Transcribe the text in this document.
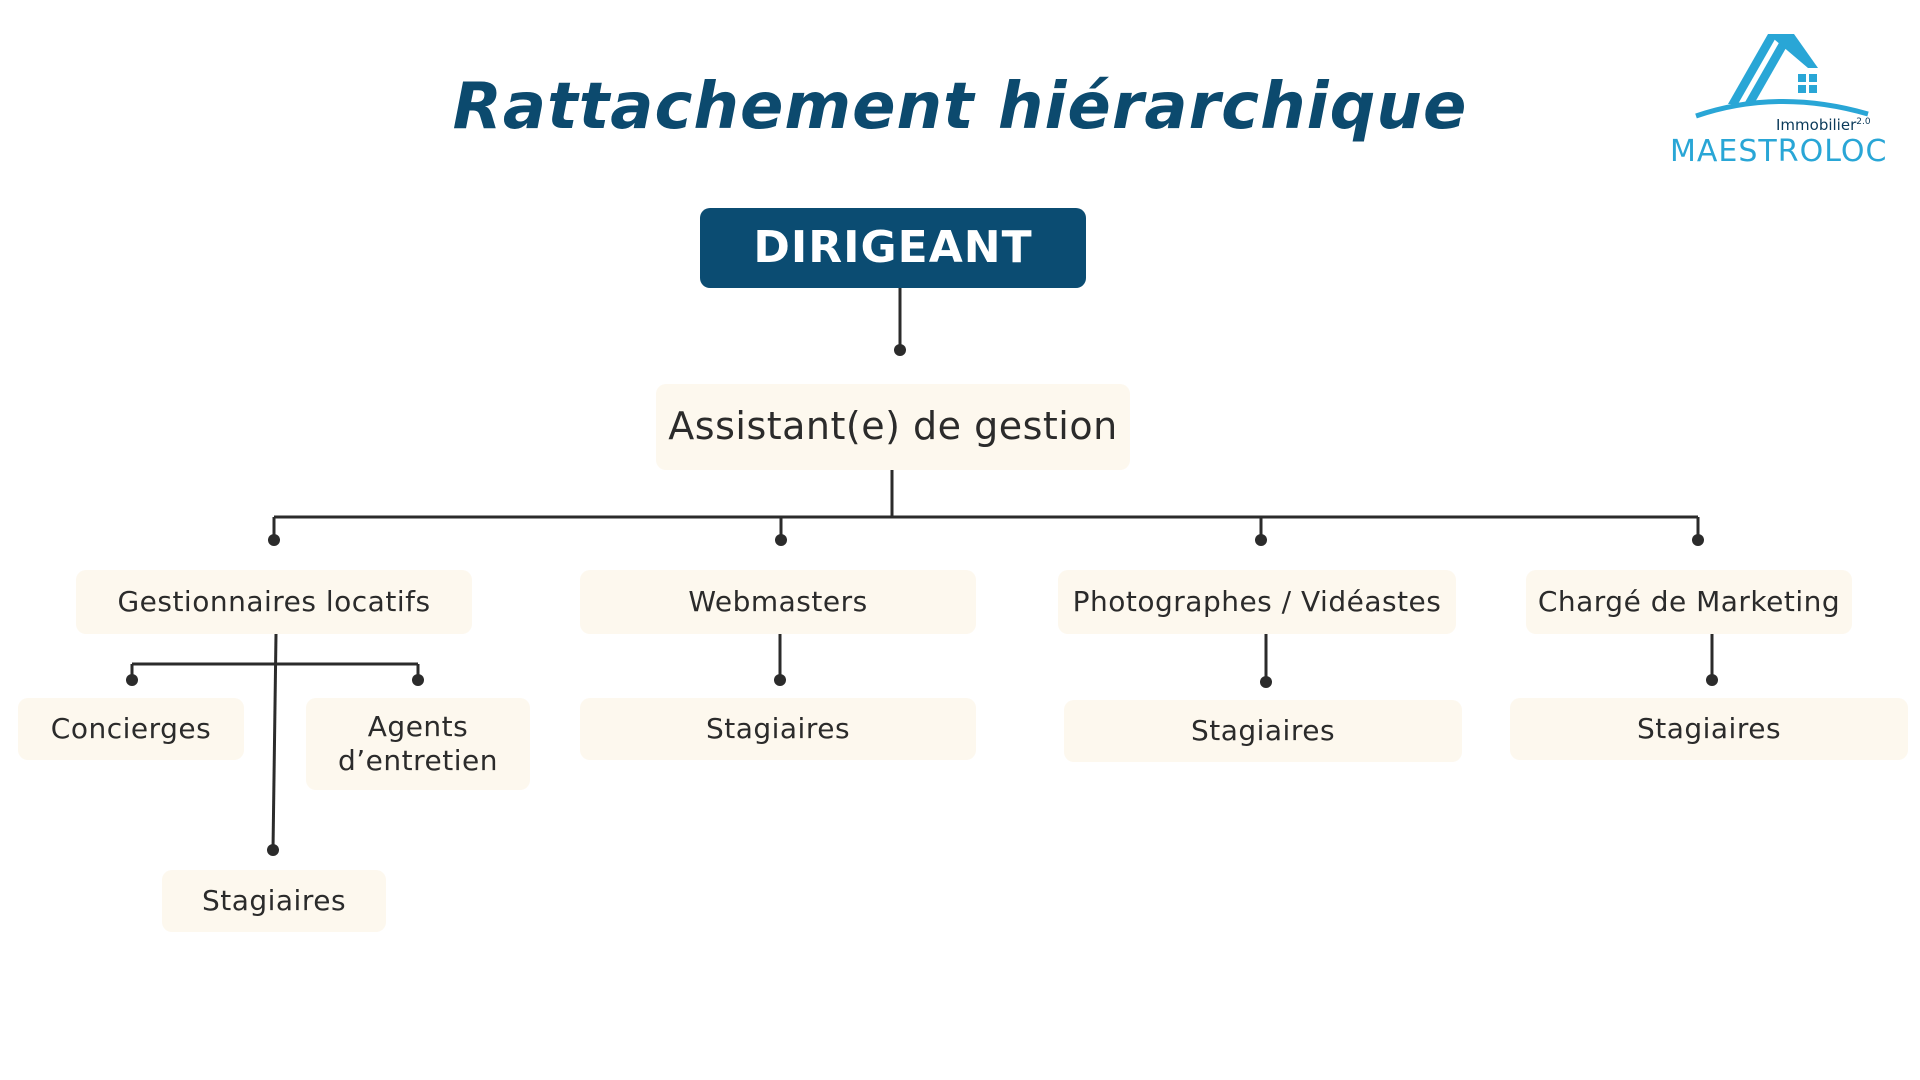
Rattachement hiérarchique	Immobilier$^{2.0}$
MAESTROLOC
DIRIGEANT
Assistant(e) de gestion
Gestionnaires locatifs	Webmasters	Photographes / Vidéastes	Chargé de Marketing
Concierges	Agents d’entretien
Stagiaires
Stagiaires	Stagiaires	Stagiaires
